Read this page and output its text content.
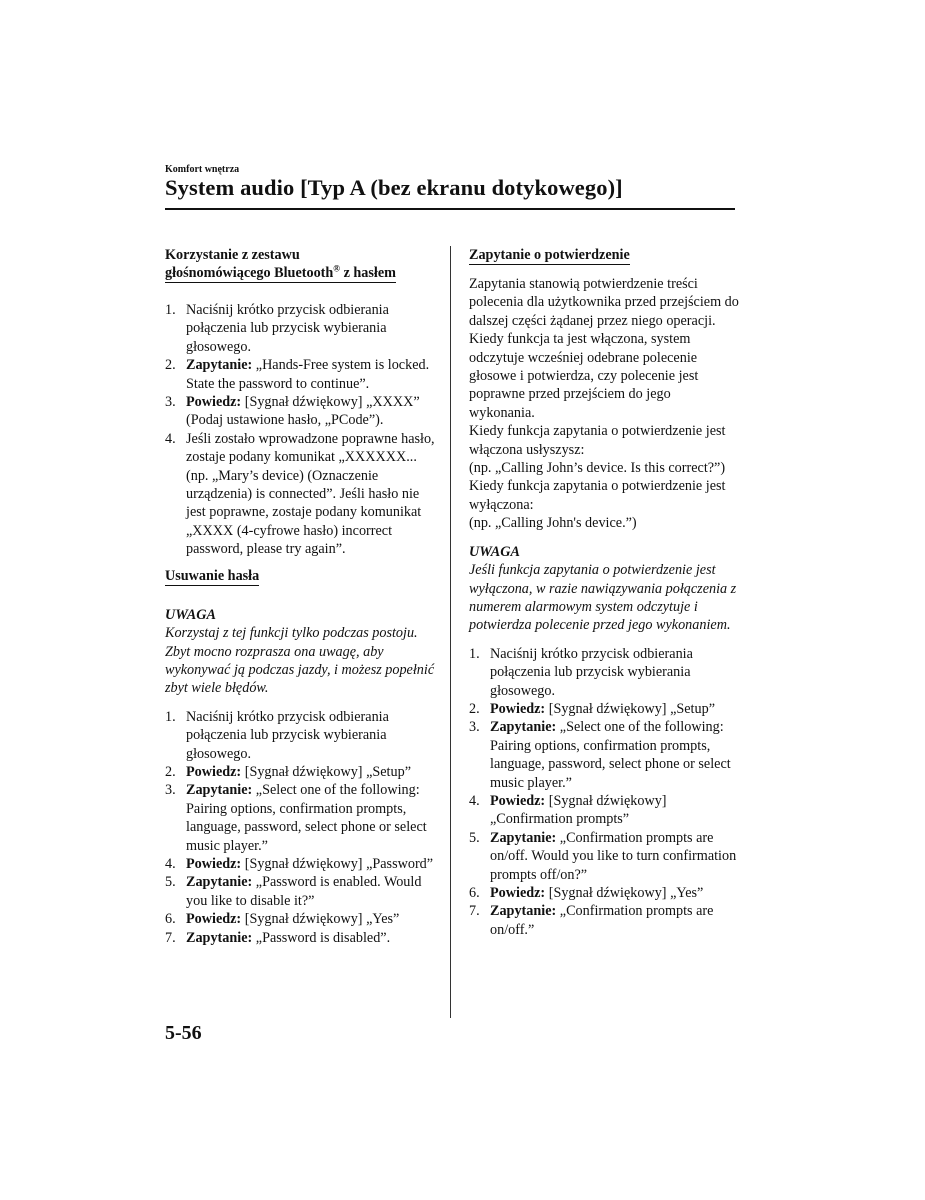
Komfort wnętrza
System audio [Typ A (bez ekranu dotykowego)]
Korzystanie z zestawu
głośnomówiącego Bluetooth® z hasłem
1. Naciśnij krótko przycisk odbierania połączenia lub przycisk wybierania głosowego.
2. Zapytanie: „Hands-Free system is locked. State the password to continue”.
3. Powiedz: [Sygnał dźwiękowy] „XXXX” (Podaj ustawione hasło, „PCode”).
4. Jeśli zostało wprowadzone poprawne hasło, zostaje podany komunikat „XXXXXX... (np. „Mary’s device) (Oznaczenie urządzenia) is connected”. Jeśli hasło nie jest poprawne, zostaje podany komunikat „XXXX (4-cyfrowe hasło) incorrect password, please try again”.
Usuwanie hasła
UWAGA
Korzystaj z tej funkcji tylko podczas postoju. Zbyt mocno rozprasza ona uwagę, aby wykonywać ją podczas jazdy, i możesz popełnić zbyt wiele błędów.
1. Naciśnij krótko przycisk odbierania połączenia lub przycisk wybierania głosowego.
2. Powiedz: [Sygnał dźwiękowy] „Setup”
3. Zapytanie: „Select one of the following: Pairing options, confirmation prompts, language, password, select phone or select music player.”
4. Powiedz: [Sygnał dźwiękowy] „Password”
5. Zapytanie: „Password is enabled. Would you like to disable it?”
6. Powiedz: [Sygnał dźwiękowy] „Yes”
7. Zapytanie: „Password is disabled”.
Zapytanie o potwierdzenie

Zapytania stanowią potwierdzenie treści polecenia dla użytkownika przed przejściem do dalszej części żądanej przez niego operacji. Kiedy funkcja ta jest włączona, system odczytuje wcześniej odebrane polecenie głosowe i potwierdza, czy polecenie jest poprawne przed przejściem do jego wykonania.
Kiedy funkcja zapytania o potwierdzenie jest włączona usłyszysz:
(np. „Calling John’s device. Is this correct?”)
Kiedy funkcja zapytania o potwierdzenie jest wyłączona:
(np. „Calling John's device.”)

UWAGA
Jeśli funkcja zapytania o potwierdzenie jest wyłączona, w razie nawiązywania połączenia z numerem alarmowym system odczytuje i potwierdza polecenie przed jego wykonaniem.
1. Naciśnij krótko przycisk odbierania połączenia lub przycisk wybierania głosowego.
2. Powiedz: [Sygnał dźwiękowy] „Setup”
3. Zapytanie: „Select one of the following: Pairing options, confirmation prompts, language, password, select phone or select music player.”
4. Powiedz: [Sygnał dźwiękowy] „Confirmation prompts”
5. Zapytanie: „Confirmation prompts are on/off. Would you like to turn confirmation prompts off/on?”
6. Powiedz: [Sygnał dźwiękowy] „Yes”
7. Zapytanie: „Confirmation prompts are on/off.”
5-56
